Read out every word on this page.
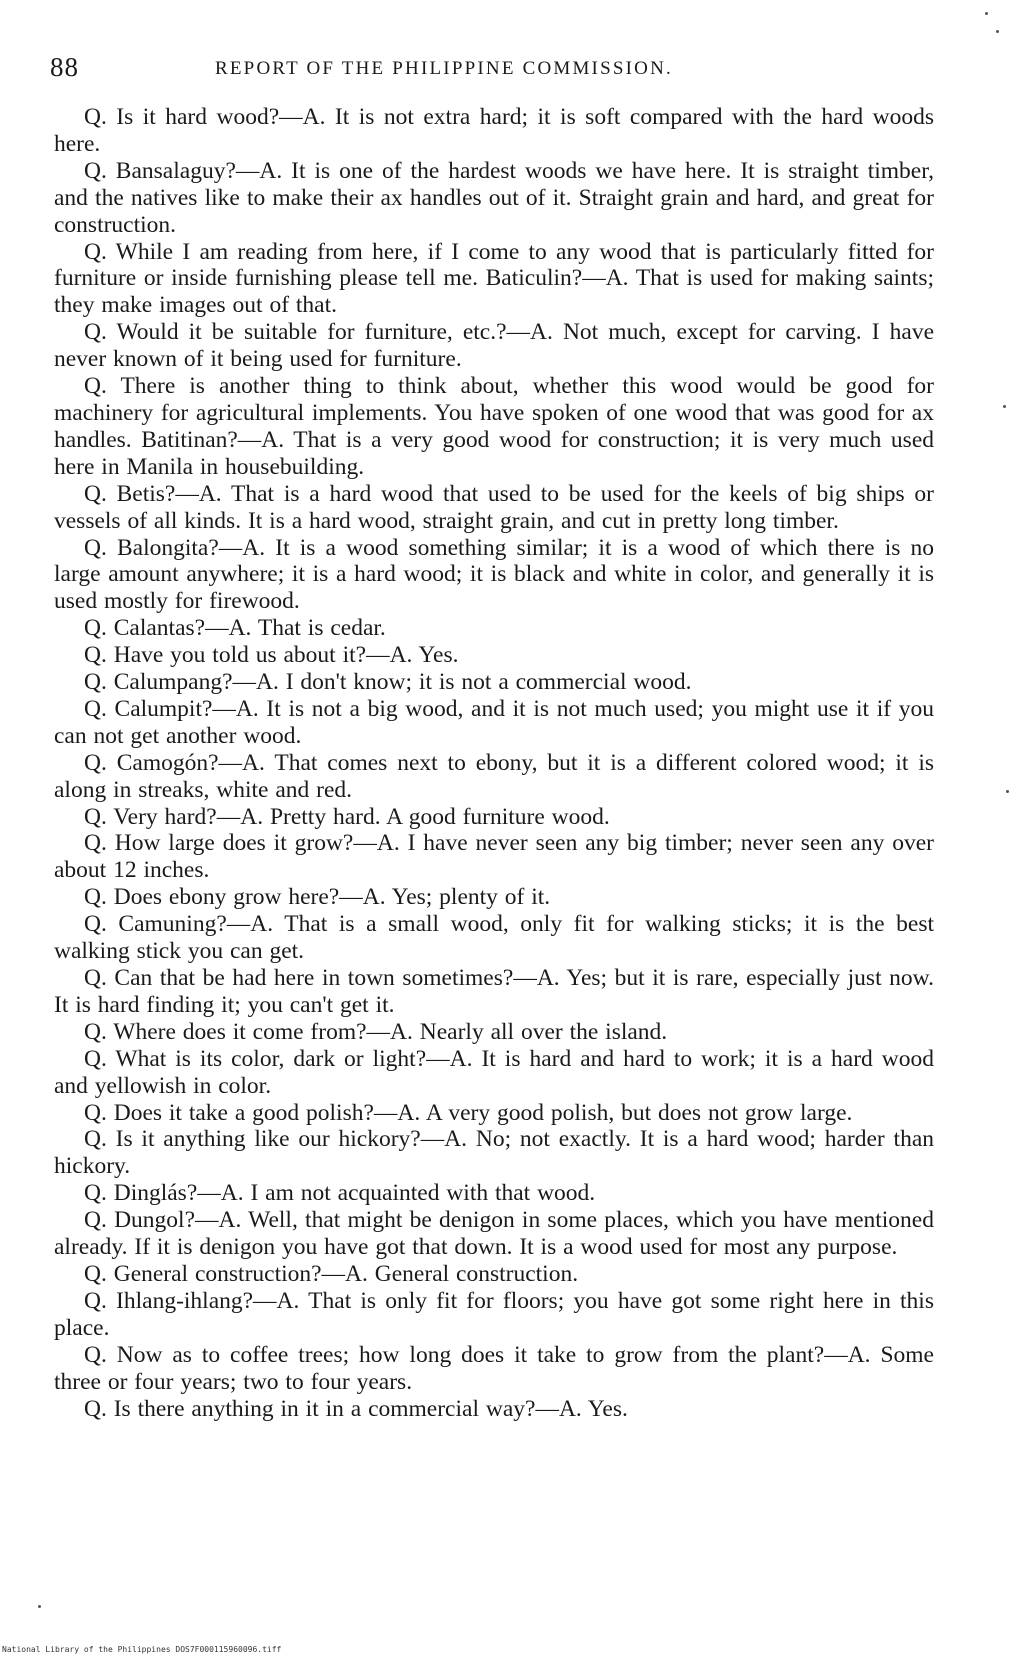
88	REPORT OF THE PHILIPPINE COMMISSION.

Q. Is it hard wood?—A. It is not extra hard; it is soft compared with the hard woods here.

Q. Bansalaguy?—A. It is one of the hardest woods we have here. It is straight timber, and the natives like to make their ax handles out of it. Straight grain and hard, and great for construction.

Q. While I am reading from here, if I come to any wood that is particularly fitted for furniture or inside furnishing please tell me. Baticulin?—A. That is used for making saints; they make images out of that.

Q. Would it be suitable for furniture, etc.?—A. Not much, except for carving. I have never known of it being used for furniture.

Q. There is another thing to think about, whether this wood would be good for machinery for agricultural implements. You have spoken of one wood that was good for ax handles. Batitinan?—A. That is a very good wood for construction; it is very much used here in Manila in housebuilding.

Q. Betis?—A. That is a hard wood that used to be used for the keels of big ships or vessels of all kinds. It is a hard wood, straight grain, and cut in pretty long timber.

Q. Balongita?—A. It is a wood something similar; it is a wood of which there is no large amount anywhere; it is a hard wood; it is black and white in color, and generally it is used mostly for firewood.

Q. Calantas?—A. That is cedar.

Q. Have you told us about it?—A. Yes.

Q. Calumpang?—A. I don't know; it is not a commercial wood.

Q. Calumpit?—A. It is not a big wood, and it is not much used; you might use it if you can not get another wood.

Q. Camogón?—A. That comes next to ebony, but it is a different colored wood; it is along in streaks, white and red.

Q. Very hard?—A. Pretty hard. A good furniture wood.

Q. How large does it grow?—A. I have never seen any big timber; never seen any over about 12 inches.

Q. Does ebony grow here?—A. Yes; plenty of it.

Q. Camuning?—A. That is a small wood, only fit for walking sticks; it is the best walking stick you can get.

Q. Can that be had here in town sometimes?—A. Yes; but it is rare, especially just now. It is hard finding it; you can't get it.

Q. Where does it come from?—A. Nearly all over the island.

Q. What is its color, dark or light?—A. It is hard and hard to work; it is a hard wood and yellowish in color.

Q. Does it take a good polish?—A. A very good polish, but does not grow large.

Q. Is it anything like our hickory?—A. No; not exactly. It is a hard wood; harder than hickory.

Q. Dinglás?—A. I am not acquainted with that wood.

Q. Dungol?—A. Well, that might be denigon in some places, which you have mentioned already. If it is denigon you have got that down. It is a wood used for most any purpose.

Q. General construction?—A. General construction.

Q. Ihlang-ihlang?—A. That is only fit for floors; you have got some right here in this place.

Q. Now as to coffee trees; how long does it take to grow from the plant?—A. Some three or four years; two to four years.

Q. Is there anything in it in a commercial way?—A. Yes.

National Library of the Philippines DOS7F000115960096.tiff
